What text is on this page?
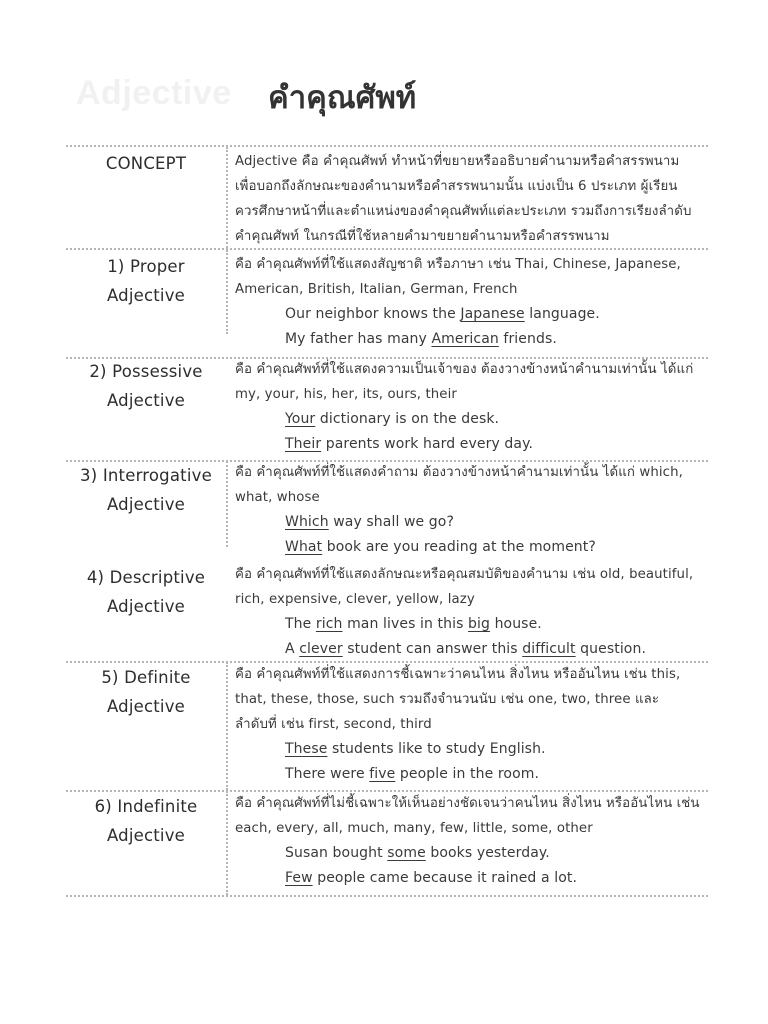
Adjective คำคุณศัพท์
CONCEPT	Adjective คือ คำคุณศัพท์ ทำหน้าที่ขยายหรืออธิบายคำนามหรือคำสรรพนาม
เพื่อบอกถึงลักษณะของคำนามหรือคำสรรพนามนั้น แบ่งเป็น 6 ประเภท ผู้เรียน
ควรศึกษาหน้าที่และตำแหน่งของคำคุณศัพท์แต่ละประเภท รวมถึงการเรียงลำดับ
คำคุณศัพท์ ในกรณีที่ใช้หลายคำมาขยายคำนามหรือคำสรรพนาม
1) Proper
Adjective
คือ คำคุณศัพท์ที่ใช้แสดงสัญชาติ หรือภาษา เช่น Thai, Chinese, Japanese,
American, British, Italian, German, French
Our neighbor knows the Japanese language.
My father has many American friends.
2) Possessive
Adjective
คือ คำคุณศัพท์ที่ใช้แสดงความเป็นเจ้าของ ต้องวางข้างหน้าคำนามเท่านั้น ได้แก่
my, your, his, her, its, ours, their
Your dictionary is on the desk.
Their parents work hard every day.
3) Interrogative
Adjective
คือ คำคุณศัพท์ที่ใช้แสดงคำถาม ต้องวางข้างหน้าคำนามเท่านั้น ได้แก่ which,
what, whose
Which way shall we go?
What book are you reading at the moment?
4) Descriptive
Adjective
คือ คำคุณศัพท์ที่ใช้แสดงลักษณะหรือคุณสมบัติของคำนาม เช่น old, beautiful,
rich, expensive, clever, yellow, lazy
The rich man lives in this big house.
A clever student can answer this difficult question.
5) Definite
Adjective
คือ คำคุณศัพท์ที่ใช้แสดงการชี้เฉพาะว่าคนไหน สิ่งไหน หรืออันไหน เช่น this,
that, these, those, such รวมถึงจำนวนนับ เช่น one, two, three และ
ลำดับที่ เช่น first, second, third
These students like to study English.
There were five people in the room.
6) Indefinite
Adjective
คือ คำคุณศัพท์ที่ไม่ชี้เฉพาะให้เห็นอย่างชัดเจนว่าคนไหน สิ่งไหน หรืออันไหน เช่น
each, every, all, much, many, few, little, some, other
Susan bought some books yesterday.
Few people came because it rained a lot.
